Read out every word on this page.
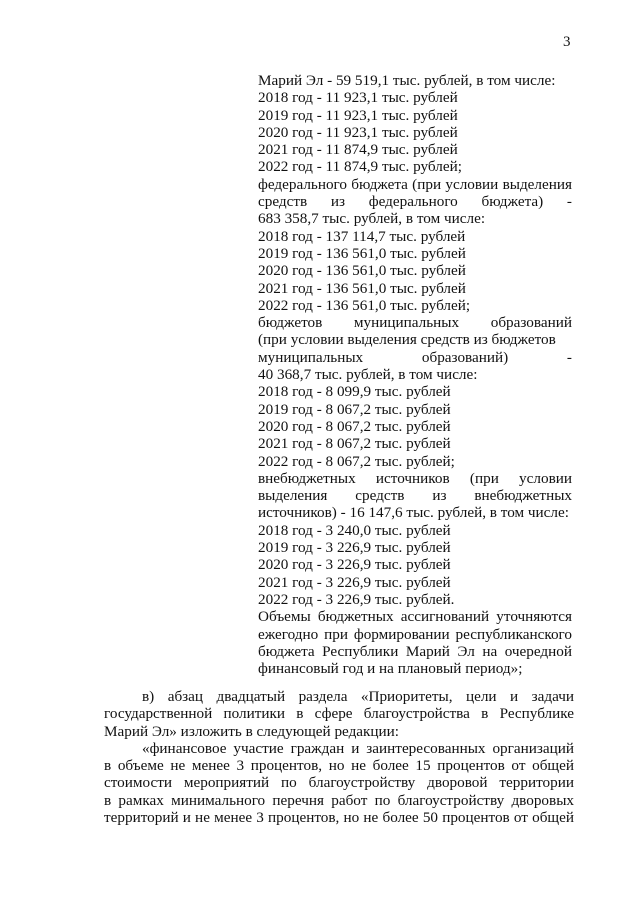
3
Марий Эл - 59 519,1 тыс. рублей, в том числе:
2018 год - 11 923,1 тыс. рублей
2019 год - 11 923,1 тыс. рублей
2020 год - 11 923,1 тыс. рублей
2021 год - 11 874,9 тыс. рублей
2022 год - 11 874,9 тыс. рублей;
федерального бюджета (при условии выделения
средств из федерального бюджета) -
683 358,7 тыс. рублей, в том числе:
2018 год - 137 114,7 тыс. рублей
2019 год - 136 561,0 тыс. рублей
2020 год - 136 561,0 тыс. рублей
2021 год - 136 561,0 тыс. рублей
2022 год - 136 561,0 тыс. рублей;
бюджетов муниципальных образований
(при условии выделения средств из бюджетов
муниципальных образований) -
40 368,7 тыс. рублей, в том числе:
2018 год - 8 099,9 тыс. рублей
2019 год - 8 067,2 тыс. рублей
2020 год - 8 067,2 тыс. рублей
2021 год - 8 067,2 тыс. рублей
2022 год - 8 067,2 тыс. рублей;
внебюджетных источников (при условии
выделения средств из внебюджетных
источников) - 16 147,6 тыс. рублей, в том числе:
2018 год - 3 240,0 тыс. рублей
2019 год - 3 226,9 тыс. рублей
2020 год - 3 226,9 тыс. рублей
2021 год - 3 226,9 тыс. рублей
2022 год - 3 226,9 тыс. рублей.
Объемы бюджетных ассигнований уточняются
ежегодно при формировании республиканского
бюджета Республики Марий Эл на очередной
финансовый год и на плановый период»;
в) абзац двадцатый раздела «Приоритеты, цели и задачи
государственной политики в сфере благоустройства в Республике
Марий Эл» изложить в следующей редакции:
«финансовое участие граждан и заинтересованных организаций
в объеме не менее 3 процентов, но не более 15 процентов от общей
стоимости мероприятий по благоустройству дворовой территории
в рамках минимального перечня работ по благоустройству дворовых
территорий и не менее 3 процентов, но не более 50 процентов от общей
